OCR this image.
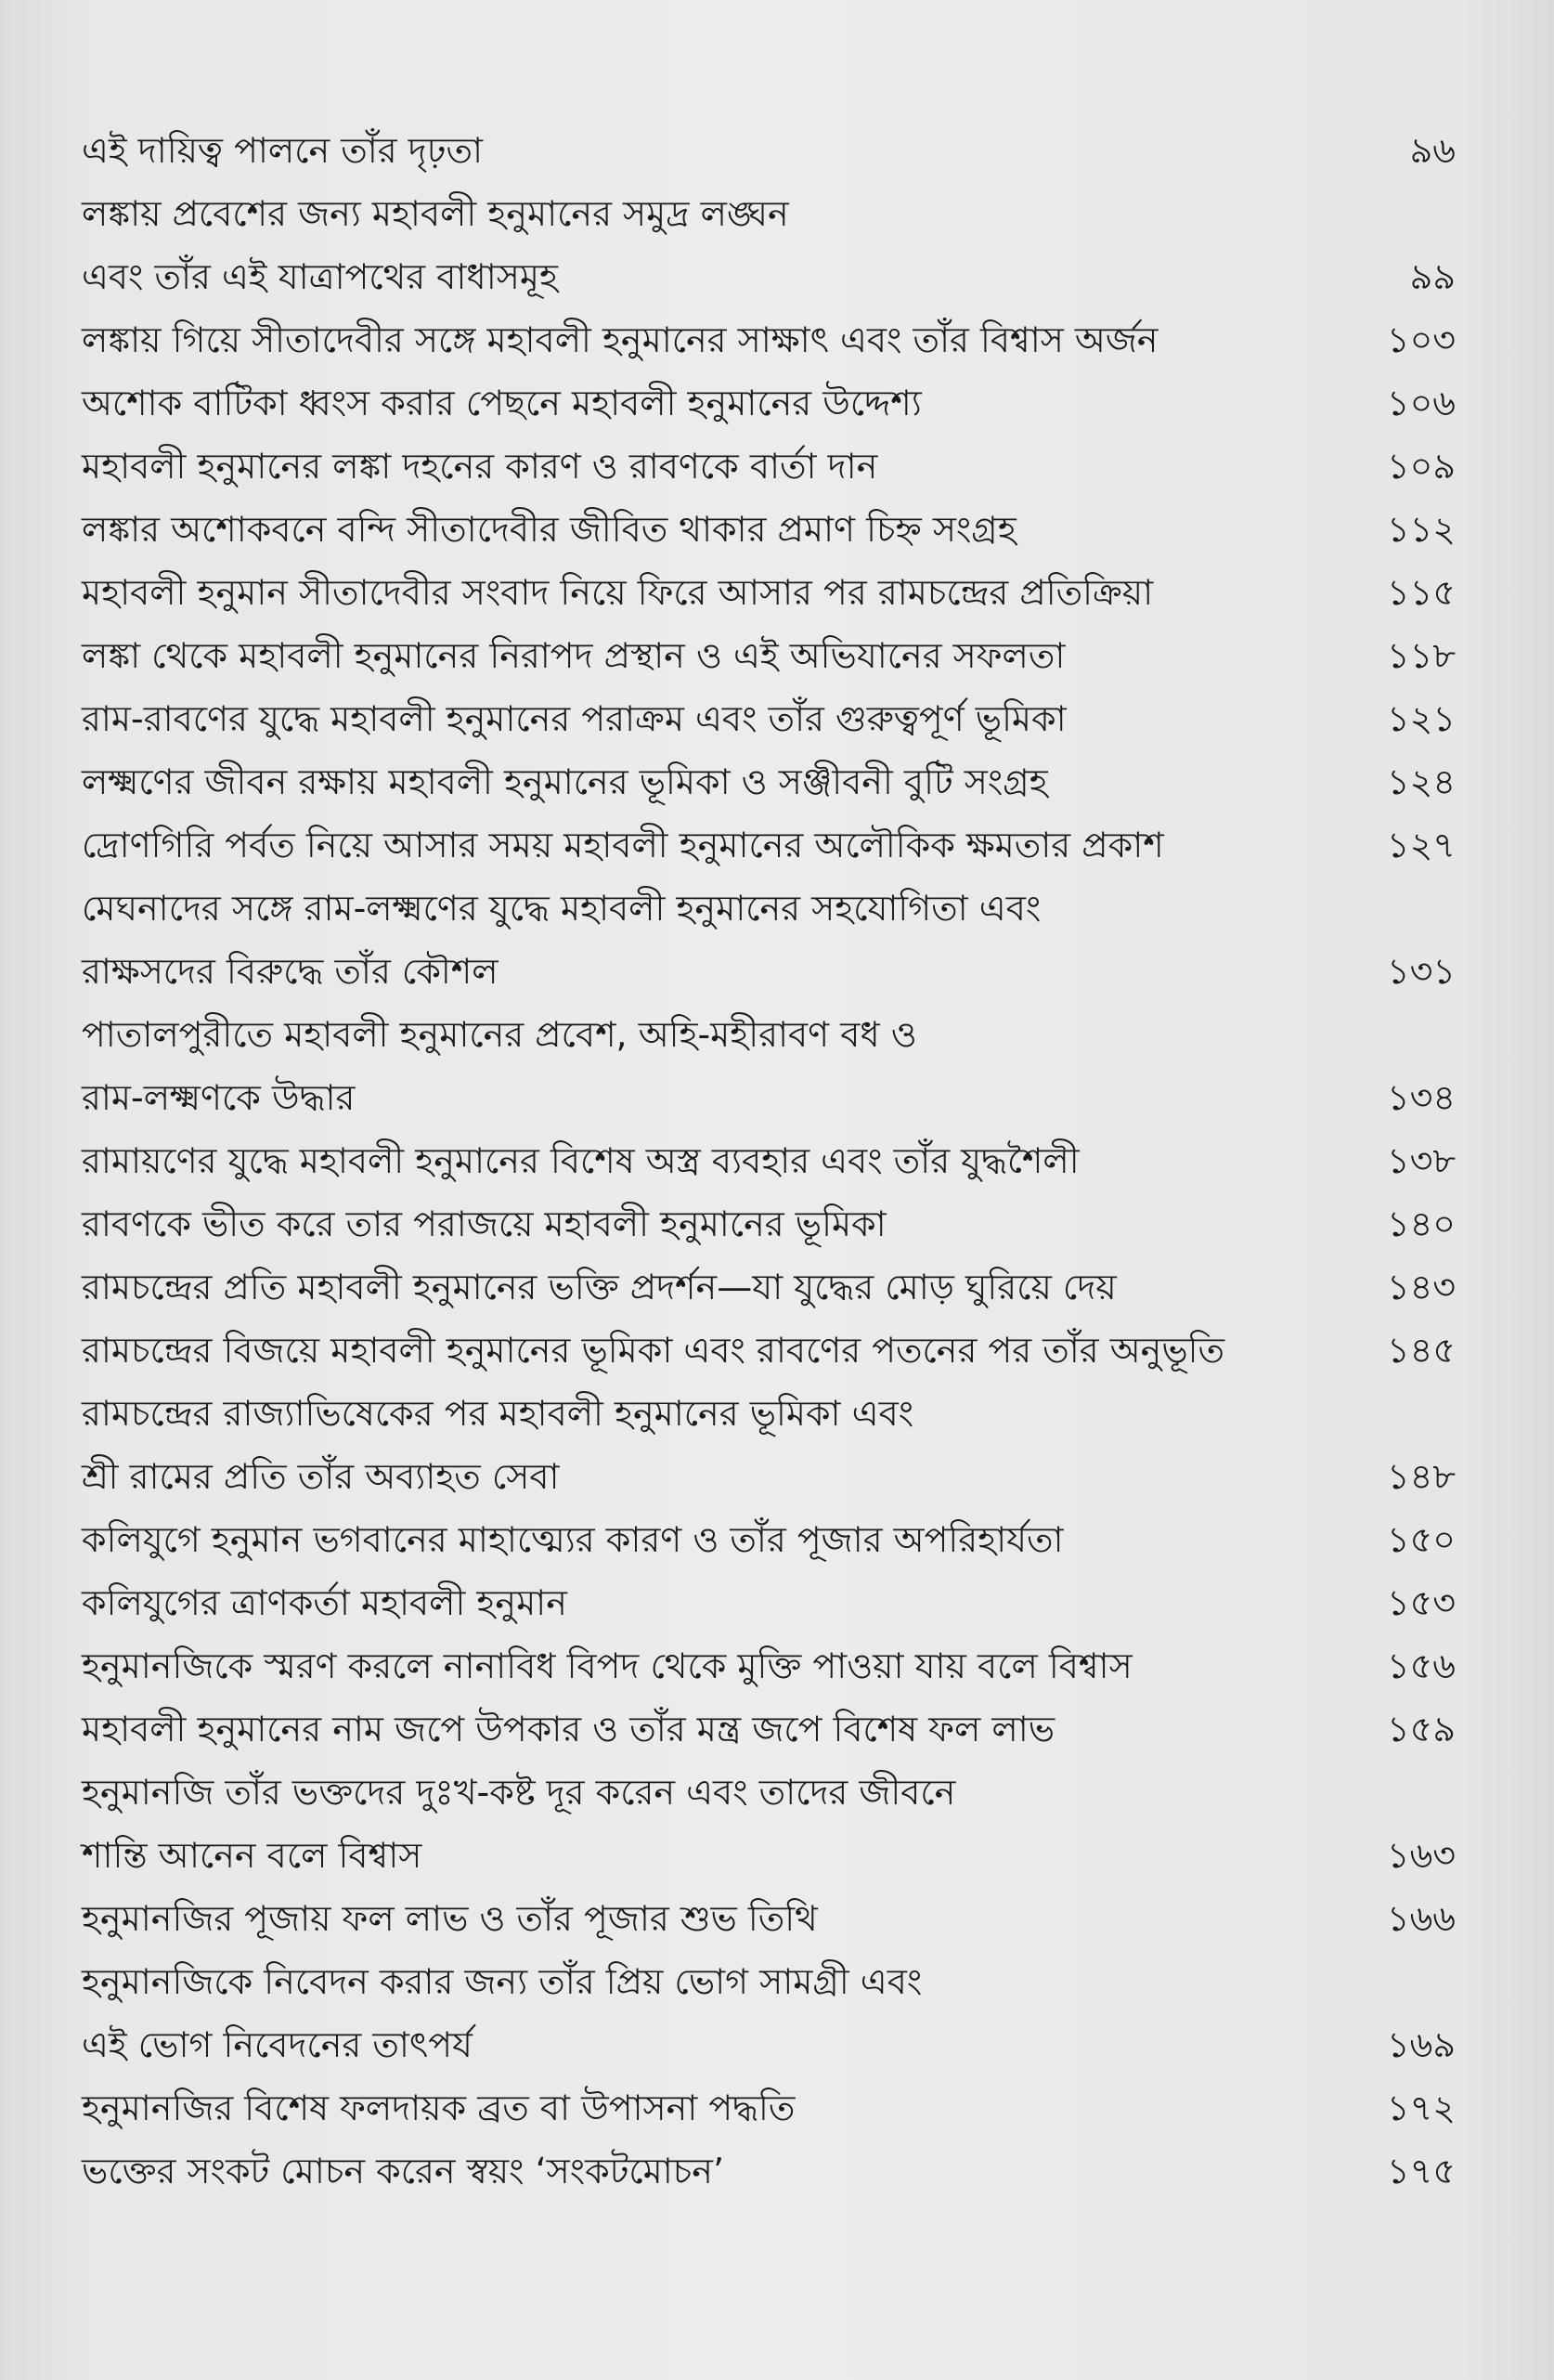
এই দায়িত্ব পালনে তাঁর দৃঢ়তা	৯৬
লঙ্কায় প্রবেশের জন্য মহাবলী হনুমানের সমুদ্র লঙ্ঘন
এবং তাঁর এই যাত্রাপথের বাধাসমূহ	৯৯
লঙ্কায় গিয়ে সীতাদেবীর সঙ্গে মহাবলী হনুমানের সাক্ষাৎ এবং তাঁর বিশ্বাস অর্জন	১০৩
অশোক বাটিকা ধ্বংস করার পেছনে মহাবলী হনুমানের উদ্দেশ্য	১০৬
মহাবলী হনুমানের লঙ্কা দহনের কারণ ও রাবণকে বার্তা দান	১০৯
লঙ্কার অশোকবনে বন্দি সীতাদেবীর জীবিত থাকার প্রমাণ চিহ্ন সংগ্রহ	১১২
মহাবলী হনুমান সীতাদেবীর সংবাদ নিয়ে ফিরে আসার পর রামচন্দ্রের প্রতিক্রিয়া	১১৫
লঙ্কা থেকে মহাবলী হনুমানের নিরাপদ প্রস্থান ও এই অভিযানের সফলতা	১১৮
রাম-রাবণের যুদ্ধে মহাবলী হনুমানের পরাক্রম এবং তাঁর গুরুত্বপূর্ণ ভূমিকা	১২১
লক্ষ্মণের জীবন রক্ষায় মহাবলী হনুমানের ভূমিকা ও সঞ্জীবনী বুটি সংগ্রহ	১২৪
দ্রোণগিরি পর্বত নিয়ে আসার সময় মহাবলী হনুমানের অলৌকিক ক্ষমতার প্রকাশ	১২৭
মেঘনাদের সঙ্গে রাম-লক্ষ্মণের যুদ্ধে মহাবলী হনুমানের সহযোগিতা এবং
রাক্ষসদের বিরুদ্ধে তাঁর কৌশল	১৩১
পাতালপুরীতে মহাবলী হনুমানের প্রবেশ, অহি-মহীরাবণ বধ ও
রাম-লক্ষ্মণকে উদ্ধার	১৩৪
রামায়ণের যুদ্ধে মহাবলী হনুমানের বিশেষ অস্ত্র ব্যবহার এবং তাঁর যুদ্ধশৈলী	১৩৮
রাবণকে ভীত করে তার পরাজয়ে মহাবলী হনুমানের ভূমিকা	১৪০
রামচন্দ্রের প্রতি মহাবলী হনুমানের ভক্তি প্রদর্শন—যা যুদ্ধের মোড় ঘুরিয়ে দেয়	১৪৩
রামচন্দ্রের বিজয়ে মহাবলী হনুমানের ভূমিকা এবং রাবণের পতনের পর তাঁর অনুভূতি	১৪৫
রামচন্দ্রের রাজ্যাভিষেকের পর মহাবলী হনুমানের ভূমিকা এবং
শ্রী রামের প্রতি তাঁর অব্যাহত সেবা	১৪৮
কলিযুগে হনুমান ভগবানের মাহাত্ম্যের কারণ ও তাঁর পূজার অপরিহার্যতা	১৫০
কলিযুগের ত্রাণকর্তা মহাবলী হনুমান	১৫৩
হনুমানজিকে স্মরণ করলে নানাবিধ বিপদ থেকে মুক্তি পাওয়া যায় বলে বিশ্বাস	১৫৬
মহাবলী হনুমানের নাম জপে উপকার ও তাঁর মন্ত্র জপে বিশেষ ফল লাভ	১৫৯
হনুমানজি তাঁর ভক্তদের দুঃখ-কষ্ট দূর করেন এবং তাদের জীবনে
শান্তি আনেন বলে বিশ্বাস	১৬৩
হনুমানজির পূজায় ফল লাভ ও তাঁর পূজার শুভ তিথি	১৬৬
হনুমানজিকে নিবেদন করার জন্য তাঁর প্রিয় ভোগ সামগ্রী এবং
এই ভোগ নিবেদনের তাৎপর্য	১৬৯
হনুমানজির বিশেষ ফলদায়ক ব্রত বা উপাসনা পদ্ধতি	১৭২
ভক্তের সংকট মোচন করেন স্বয়ং ‘সংকটমোচন’	১৭৫
